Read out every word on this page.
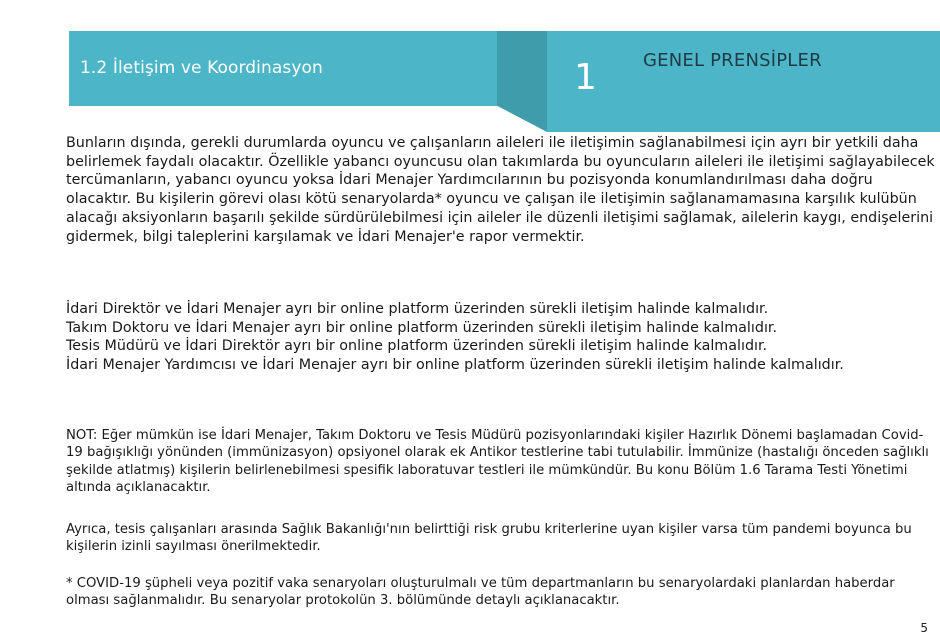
1.2 İletişim ve Koordinasyon	1	GENEL PRENSİPLER

Bunların dışında, gerekli durumlarda oyuncu ve çalışanların aileleri ile iletişimin sağlanabilmesi için ayrı bir yetkili daha belirlemek faydalı olacaktır. Özellikle yabancı oyuncusu olan takımlarda bu oyuncuların aileleri ile iletişimi sağlayabilecek tercümanların, yabancı oyuncu yoksa İdari Menajer Yardımcılarının bu pozisyonda konumlandırılması daha doğru olacaktır. Bu kişilerin görevi olası kötü senaryolarda* oyuncu ve çalışan ile iletişimin sağlanamamasına karşılık kulübün alacağı aksiyonların başarılı şekilde sürdürülebilmesi için aileler ile düzenli iletişimi sağlamak, ailelerin kaygı, endişelerini gidermek, bilgi taleplerini karşılamak ve İdari Menajer'e rapor vermektir.

İdari Direktör ve İdari Menajer ayrı bir online platform üzerinden sürekli iletişim halinde kalmalıdır.
Takım Doktoru ve İdari Menajer ayrı bir online platform üzerinden sürekli iletişim halinde kalmalıdır.
Tesis Müdürü ve İdari Direktör ayrı bir online platform üzerinden sürekli iletişim halinde kalmalıdır.
İdari Menajer Yardımcısı ve İdari Menajer ayrı bir online platform üzerinden sürekli iletişim halinde kalmalıdır.

NOT: Eğer mümkün ise İdari Menajer, Takım Doktoru ve Tesis Müdürü pozisyonlarındaki kişiler Hazırlık Dönemi başlamadan Covid-19 bağışıklığı yönünden (immünizasyon) opsiyonel olarak ek Antikor testlerine tabi tutulabilir. İmmünize (hastalığı önceden sağlıklı şekilde atlatmış) kişilerin belirlenebilmesi spesifik laboratuvar testleri ile mümkündür. Bu konu Bölüm 1.6 Tarama Testi Yönetimi altında açıklanacaktır.

Ayrıca, tesis çalışanları arasında Sağlık Bakanlığı'nın belirttiği risk grubu kriterlerine uyan kişiler varsa tüm pandemi boyunca bu kişilerin izinli sayılması önerilmektedir.

* COVID-19 şüpheli veya pozitif vaka senaryoları oluşturulmalı ve tüm departmanların bu senaryolardaki planlardan haberdar olması sağlanmalıdır. Bu senaryolar protokolün 3. bölümünde detaylı açıklanacaktır.

5
